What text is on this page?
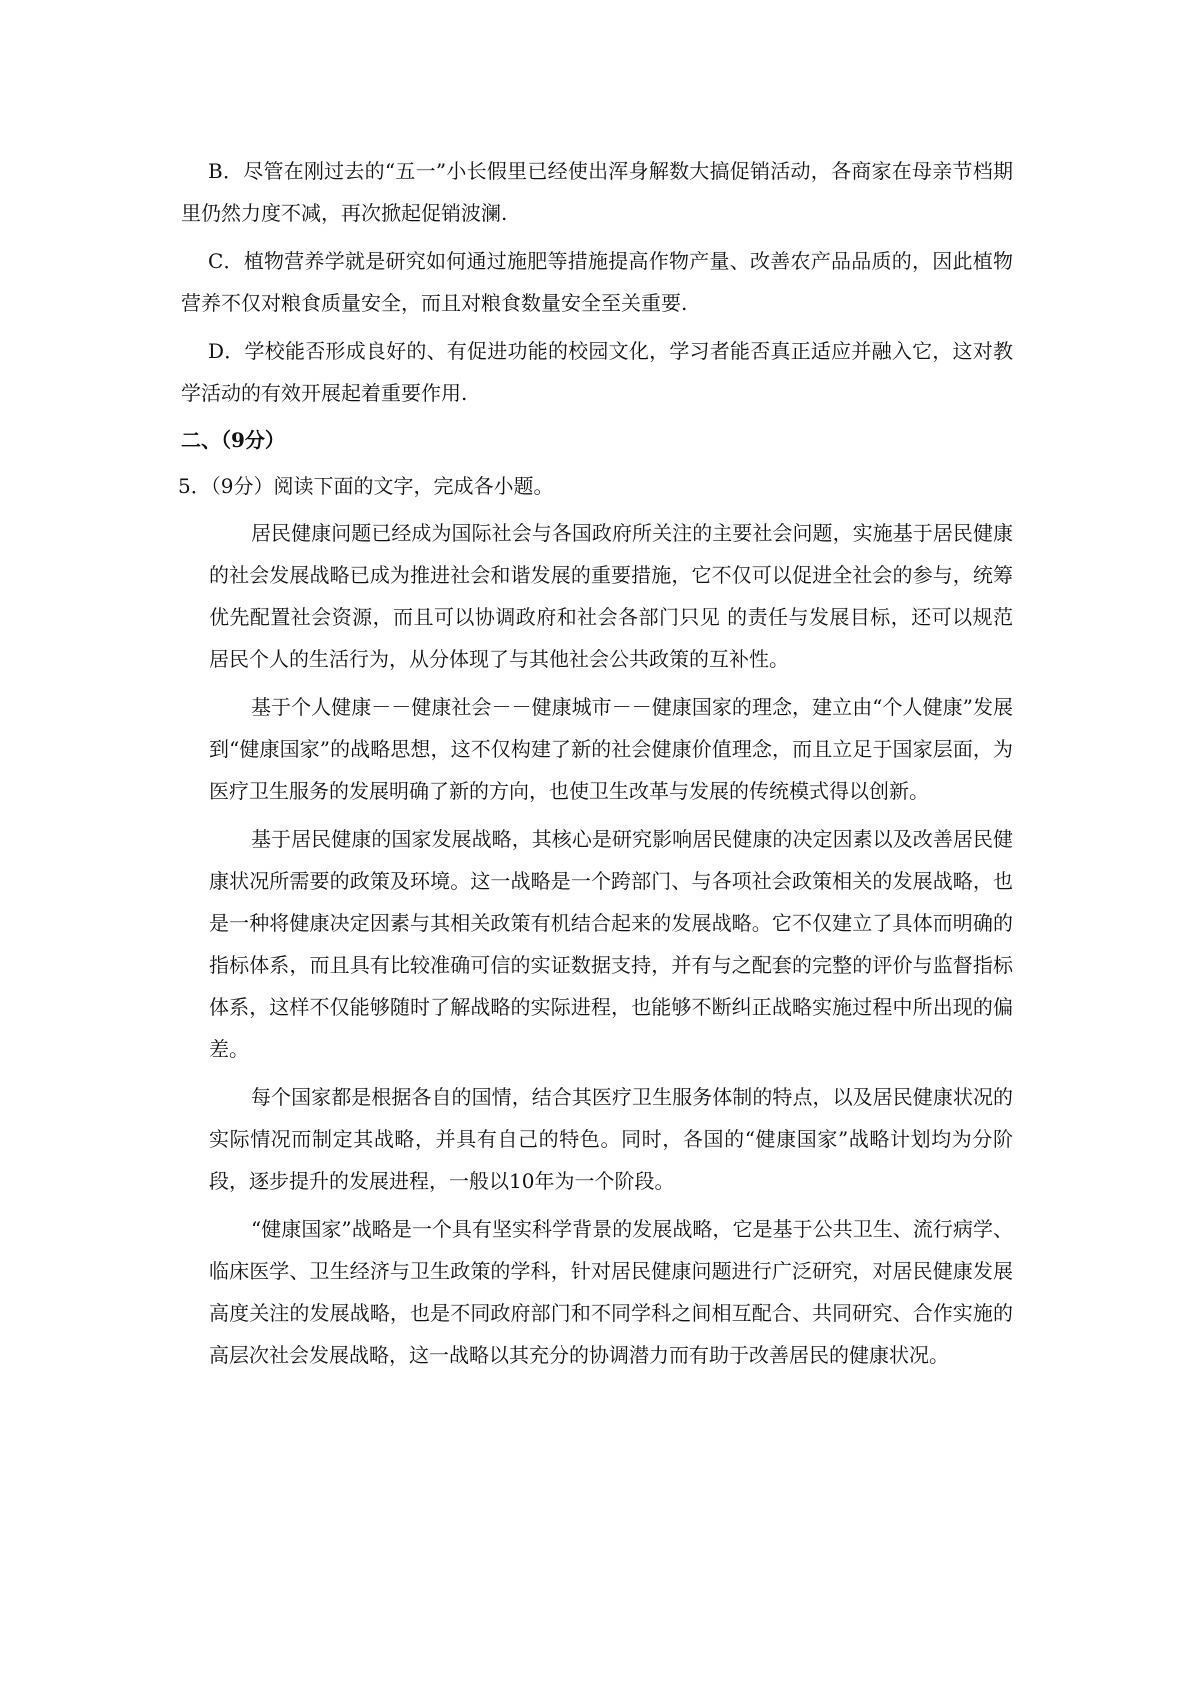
B．尽管在刚过去的“五一”小长假里已经使出浑身解数大搞促销活动，各商家在母亲节档期里仍然力度不减，再次掀起促销波澜.

C．植物营养学就是研究如何通过施肥等措施提高作物产量、改善农产品品质的，因此植物营养不仅对粮食质量安全，而且对粮食数量安全至关重要.

D．学校能否形成良好的、有促进功能的校园文化，学习者能否真正适应并融入它，这对教学活动的有效开展起着重要作用.

二、（9分）

5．（9分）阅读下面的文字，完成各小题。

居民健康问题已经成为国际社会与各国政府所关注的主要社会问题，实施基于居民健康的社会发展战略已成为推进社会和谐发展的重要措施，它不仅可以促进全社会的参与，统筹优先配置社会资源，而且可以协调政府和社会各部门只见 的责任与发展目标，还可以规范居民个人的生活行为，从分体现了与其他社会公共政策的互补性。

基于个人健康－－健康社会－－健康城市－－健康国家的理念，建立由“个人健康”发展到“健康国家”的战略思想，这不仅构建了新的社会健康价值理念，而且立足于国家层面，为医疗卫生服务的发展明确了新的方向，也使卫生改革与发展的传统模式得以创新。

基于居民健康的国家发展战略，其核心是研究影响居民健康的决定因素以及改善居民健康状况所需要的政策及环境。这一战略是一个跨部门、与各项社会政策相关的发展战略，也是一种将健康决定因素与其相关政策有机结合起来的发展战略。它不仅建立了具体而明确的指标体系，而且具有比较准确可信的实证数据支持，并有与之配套的完整的评价与监督指标体系，这样不仅能够随时了解战略的实际进程，也能够不断纠正战略实施过程中所出现的偏差。

每个国家都是根据各自的国情，结合其医疗卫生服务体制的特点，以及居民健康状况的实际情况而制定其战略，并具有自己的特色。同时，各国的“健康国家”战略计划均为分阶段，逐步提升的发展进程，一般以10年为一个阶段。

“健康国家”战略是一个具有坚实科学背景的发展战略，它是基于公共卫生、流行病学、临床医学、卫生经济与卫生政策的学科，针对居民健康问题进行广泛研究，对居民健康发展高度关注的发展战略，也是不同政府部门和不同学科之间相互配合、共同研究、合作实施的高层次社会发展战略，这一战略以其充分的协调潜力而有助于改善居民的健康状况。
